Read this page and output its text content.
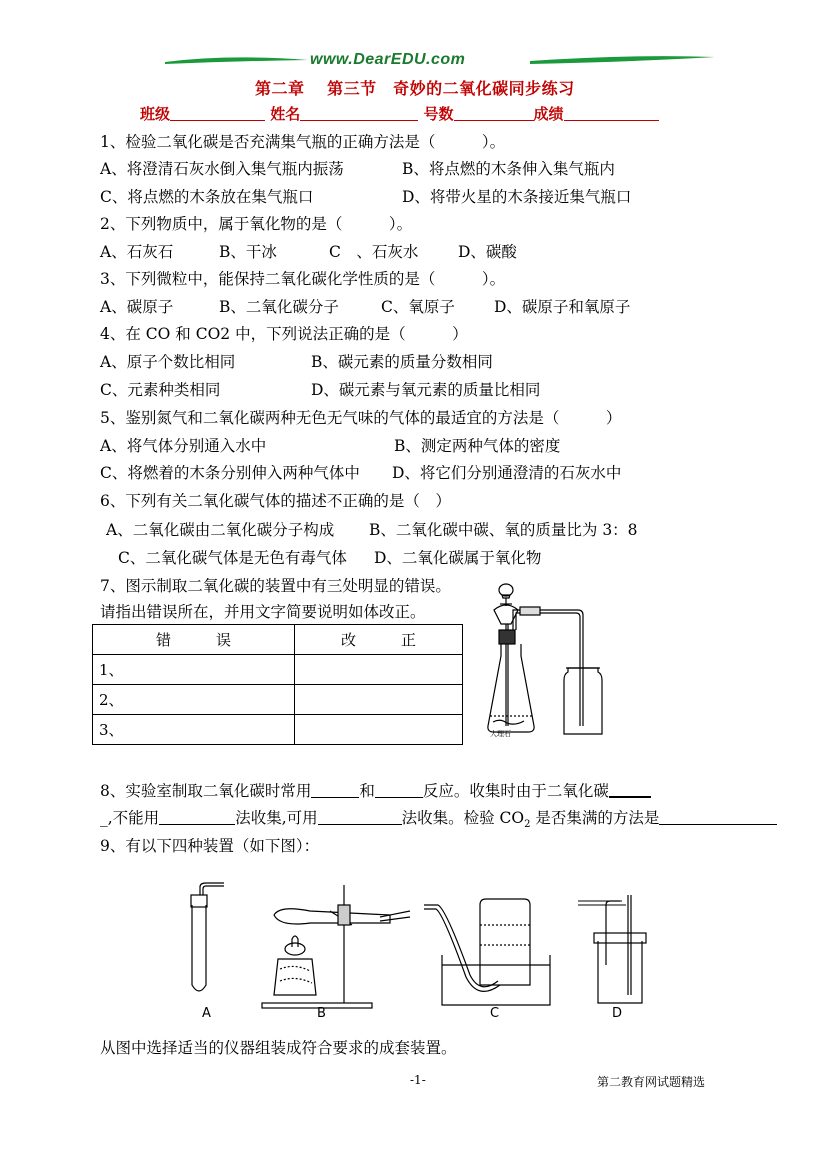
www.DearEDU.com
第二章　 第三节　奇妙的二氧化碳同步练习
班级	姓名	号数	成绩
1、检验二氧化碳是否充满集气瓶的正确方法是（　　　）。
A、将澄清石灰水倒入集气瓶内振荡	B、将点燃的木条伸入集气瓶内
C、将点燃的木条放在集气瓶口	D、将带火星的木条接近集气瓶口
2、下列物质中，属于氧化物的是（　　　）。
A、石灰石	B、干冰	C　、石灰水	D、碳酸
3、下列微粒中，能保持二氧化碳化学性质的是（　　　）。
A、碳原子	B、二氧化碳分子	C、氧原子	D、碳原子和氧原子
4、在 CO 和 CO2 中，下列说法正确的是（　　　）
A、原子个数比相同	B、碳元素的质量分数相同
C、元素种类相同	D、碳元素与氧元素的质量比相同
5、鉴别氮气和二氧化碳两种无色无气味的气体的最适宜的方法是（　　　）
A、将气体分别通入水中	B、测定两种气体的密度
C、将燃着的木条分别伸入两种气体中 D、将它们分别通澄清的石灰水中
6、下列有关二氧化碳气体的描述不正确的是（　）
A、二氧化碳由二氧化碳分子构成 B、二氧化碳中碳、氧的质量比为 3：8
C、二氧化碳气体是无色有毒气体 D、二氧化碳属于氧化物
7、图示制取二氧化碳的装置中有三处明显的错误。
请指出错误所在，并用文字简要说明如体改正。
错　　　误	改　　　正
1、	
2、	
3、		大理石
8、实验室制取二氧化碳时常用	和	反应。收集时由于二氧化碳
_,不能用	法收集,可用	法收集。检验 $CO_2$ 是否集满的方法是
9、有以下四种装置（如下图）：
A	B	C	D
从图中选择适当的仪器组装成符合要求的成套装置。
-1-	第二教育网试题精选
